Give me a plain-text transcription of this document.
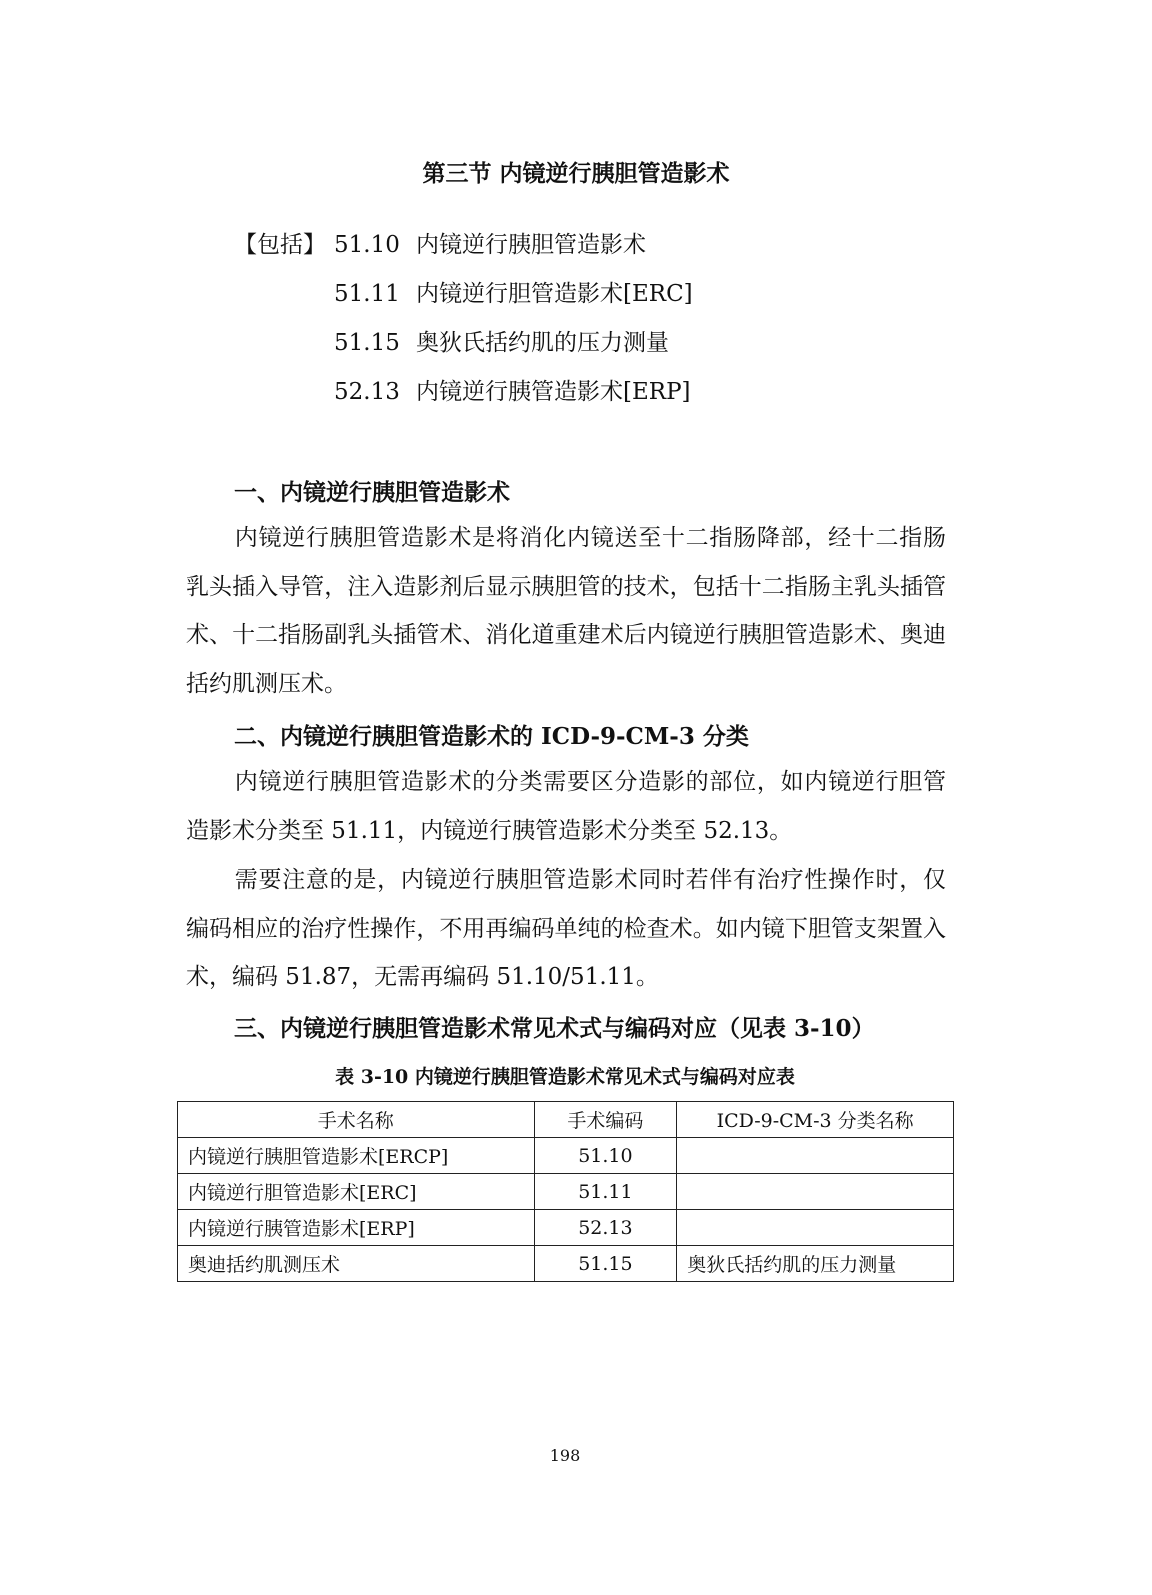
第三节 内镜逆行胰胆管造影术
【包括】 51.10 内镜逆行胰胆管造影术
51.11 内镜逆行胆管造影术[ERC]
51.15 奥狄氏括约肌的压力测量
52.13 内镜逆行胰管造影术[ERP]
一、内镜逆行胰胆管造影术
内镜逆行胰胆管造影术是将消化内镜送至十二指肠降部，经十二指肠乳头插入导管，注入造影剂后显示胰胆管的技术，包括十二指肠主乳头插管术、十二指肠副乳头插管术、消化道重建术后内镜逆行胰胆管造影术、奥迪括约肌测压术。
二、内镜逆行胰胆管造影术的 ICD-9-CM-3 分类
内镜逆行胰胆管造影术的分类需要区分造影的部位，如内镜逆行胆管造影术分类至 51.11，内镜逆行胰管造影术分类至 52.13。
需要注意的是，内镜逆行胰胆管造影术同时若伴有治疗性操作时，仅编码相应的治疗性操作，不用再编码单纯的检查术。如内镜下胆管支架置入术，编码 51.87，无需再编码 51.10/51.11。
三、内镜逆行胰胆管造影术常见术式与编码对应（见表 3-10）
表 3-10 内镜逆行胰胆管造影术常见术式与编码对应表
手术名称	手术编码	ICD-9-CM-3 分类名称
内镜逆行胰胆管造影术[ERCP]	51.10	
内镜逆行胆管造影术[ERC]	51.11	
内镜逆行胰管造影术[ERP]	52.13	
奥迪括约肌测压术	51.15	奥狄氏括约肌的压力测量
198
